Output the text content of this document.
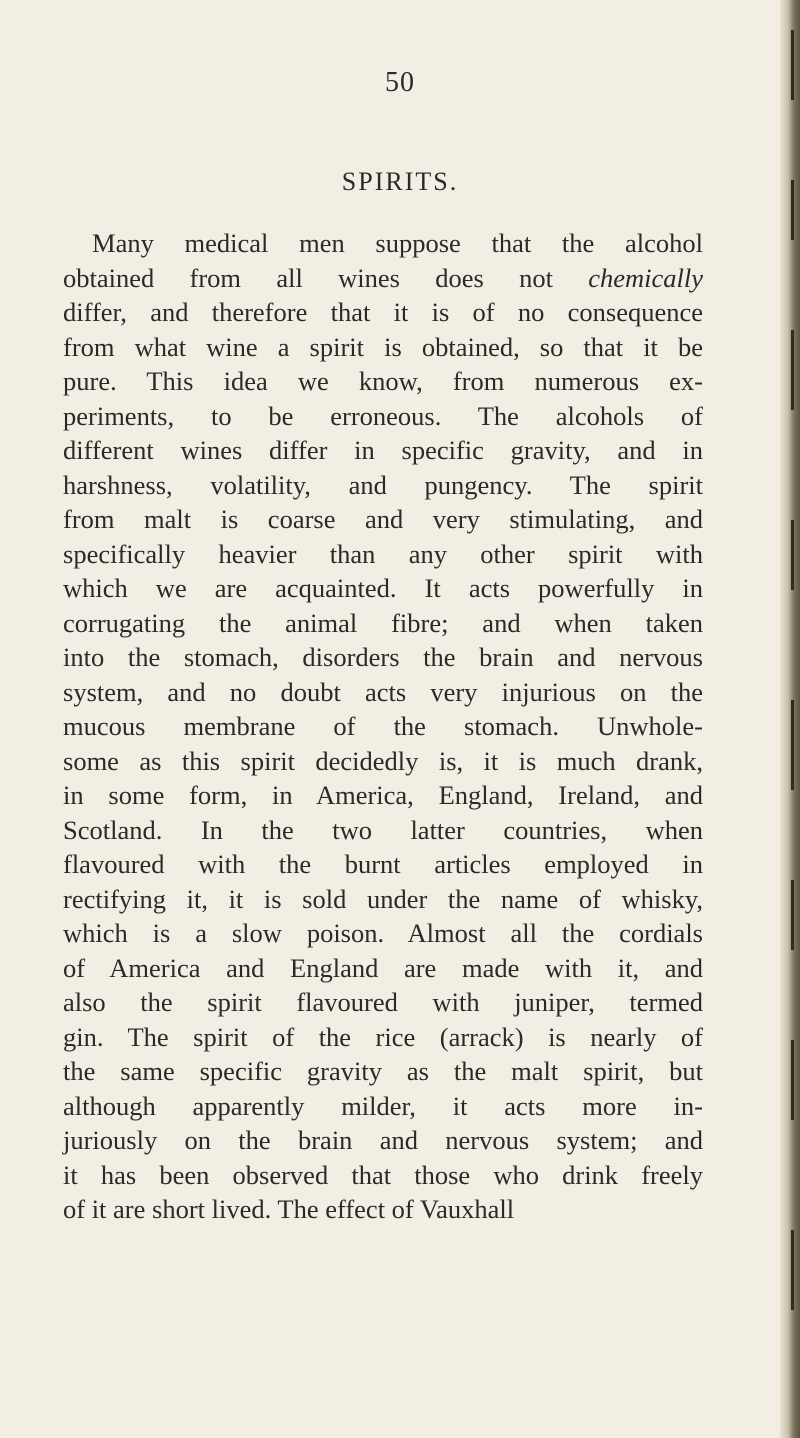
50
SPIRITS.
Many medical men suppose that the alcohol
obtained from all wines does not chemically
differ, and therefore that it is of no consequence
from what wine a spirit is obtained, so that it be
pure. This idea we know, from numerous ex-
periments, to be erroneous. The alcohols of
different wines differ in specific gravity, and in
harshness, volatility, and pungency. The spirit
from malt is coarse and very stimulating, and
specifically heavier than any other spirit with
which we are acquainted. It acts powerfully in
corrugating the animal fibre; and when taken
into the stomach, disorders the brain and nervous
system, and no doubt acts very injurious on the
mucous membrane of the stomach. Unwhole-
some as this spirit decidedly is, it is much drank,
in some form, in America, England, Ireland, and
Scotland. In the two latter countries, when
flavoured with the burnt articles employed in
rectifying it, it is sold under the name of whisky,
which is a slow poison. Almost all the cordials
of America and England are made with it, and
also the spirit flavoured with juniper, termed
gin. The spirit of the rice (arrack) is nearly of
the same specific gravity as the malt spirit, but
although apparently milder, it acts more in-
juriously on the brain and nervous system; and
it has been observed that those who drink freely
of it are short lived. The effect of Vauxhall
